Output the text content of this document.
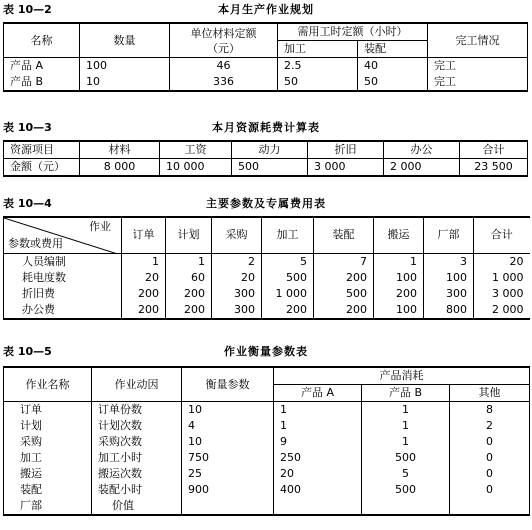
表 10—2	本月生产作业规划
名称	数量	单位材料定额
（元）	需用工时定额（小时）		完工情况
			加工	装配	
产品 A	100	46	2.5	40	完工
产品 B	10	336	50	50	完工
表 10—3	本月资源耗费计算表
资源项目	材料	工资	动力	折旧	办公	合计
金额（元）	8 000	10 000	500	3 000	2 000	23 500
表 10—4	主要参数及专属费用表
作业
参数或费用	订单	计划	采购	加工	装配	搬运	厂部	合计
人员编制	1	1	2	5	7	1	3	20
耗电度数	20	60	20	500	200	100	100	1 000
折旧费	200	200	300	1 000	500	200	300	3 000
办公费	200	200	300	200	200	100	800	2 000
表 10—5	作业衡量参数表
作业名称	作业动因	衡量参数	产品消耗		
			产品 A	产品 B	其他
订单	订单份数	10	1	1	8
计划	计划次数	4	1	1	2
采购	采购次数	10	9	1	0
加工	加工小时	750	250	500	0
搬运	搬运次数	25	20	5	0
装配	装配小时	900	400	500	0
厂部	价值				
